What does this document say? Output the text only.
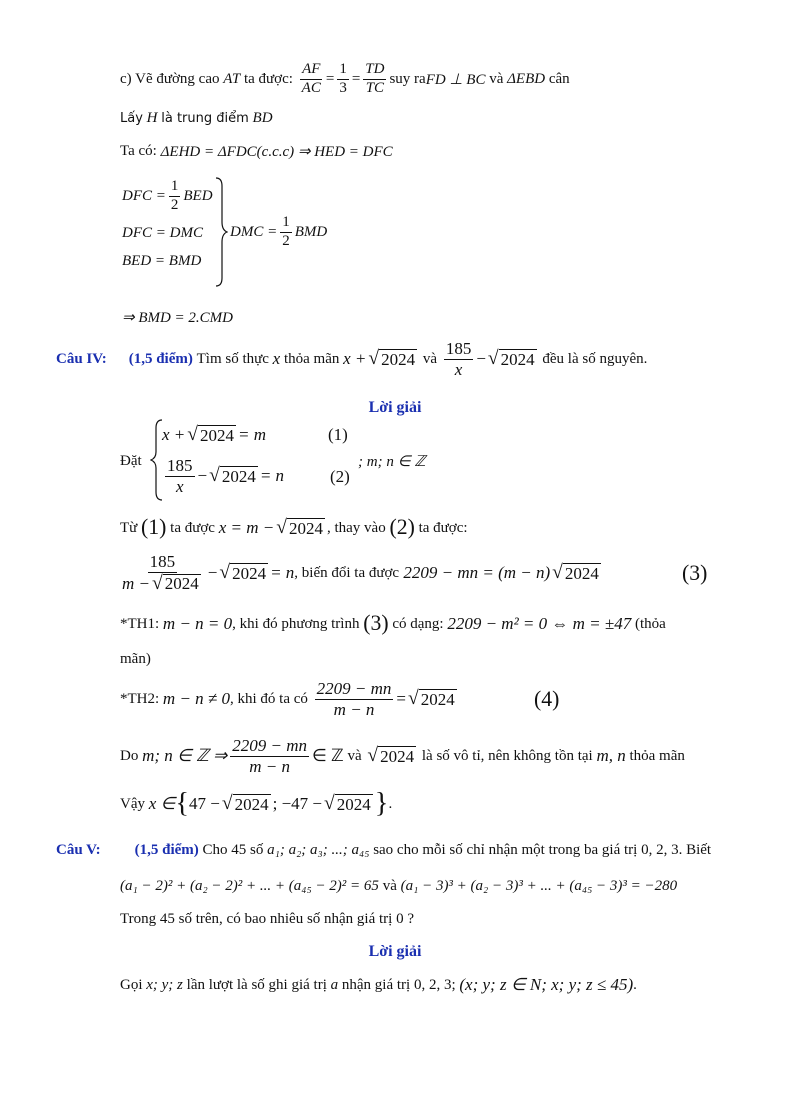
c) Vẽ đường cao
AT
ta được:
$\frac{AF}{AC} = \frac{1}{3} = \frac{TD}{TC}$ suy ra FD ⊥ BC
và
ΔEBD
cân
Lấy
H
là trung điểm
BD
Ta có:
ΔEHD = ΔFDC(c.c.c) ⇒ HED = DFC
DFC = $\frac{1}{2}$ BED
DFC = DMC
BED = BMD
DMC = $\frac{1}{2}$ BMD
⇒ BMD = 2.CMD
Câu IV: (1,5 điểm)
Tìm số thực
x
thỏa mãn
x + √ 2024
và
$\frac{185}{x}$ − √ 2024
đều là số nguyên.
Lời giải
Đặt
x + √ 2024 = m	(1)
$\frac{185}{x}$ − √ 2024 = n	(2)
; m; n ∈ ℤ
Từ
(1)
ta được
x = m − √ 2024 , thay vào
(2)
ta được:
$\frac{185}{m - √ 2024}$ − √ 2024 = n , biến đổi ta được
2209 − mn = (m − n) √ 2024	(3)
*TH1:
m − n = 0 , khi đó phương trình
(3)
có dạng:
2209 − m² = 0 ⇔ m = ±47
(thỏa
mãn)
*TH2:
m − n ≠ 0 , khi đó ta có
$\frac{2209 - mn}{m - n}$ = √ 2024	(4)
Do
m; n ∈ ℤ ⇒ $\frac{2209 - mn}{m - n}$ ∈ ℤ
và
√ 2024
là số vô tỉ, nên không tồn tại
m, n
thỏa mãn
Vậy
x ∈ { 47 − √ 2024 ; −47 − √ 2024 } .
Câu V: (1,5 điểm)
Cho
45
số
a₁; a₂; a₃; ...; a₄₅
sao cho mỗi số chỉ nhận một trong ba giá trị
0, 2, 3 . Biết
(a₁ − 2)² + (a₂ − 2)² + ... + (a₄₅ − 2)² = 65
và
(a₁ − 3)³ + (a₂ − 3)³ + ... + (a₄₅ − 3)³ = −280
Trong
45
số trên, có bao nhiêu số nhận giá trị
0
?
Lời giải
Gọi
x; y; z
lần lượt là số ghi giá trị
a
nhận giá trị
0, 2, 3;
(x; y; z ∈ N; x; y; z ≤ 45) .
